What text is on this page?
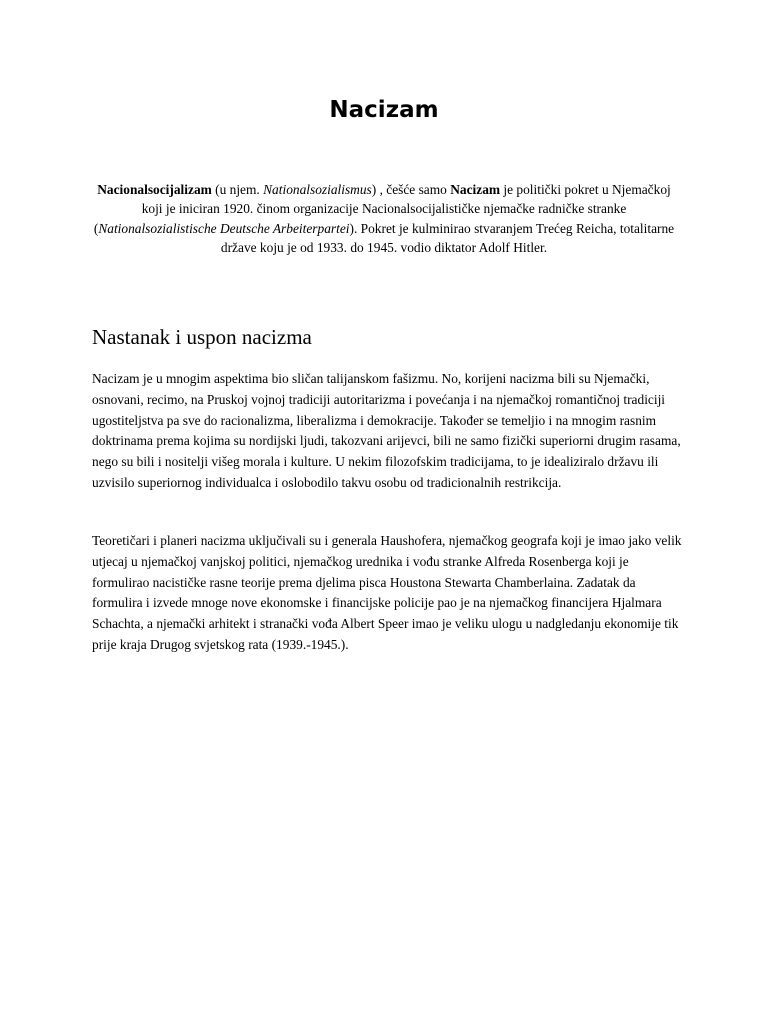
Nacizam

Nacionalsocijalizam (u njem. Nationalsozialismus) , češće samo Nacizam je politički pokret u Njemačkoj koji je iniciran 1920. činom organizacije Nacionalsocijalističke njemačke radničke stranke (Nationalsozialistische Deutsche Arbeiterpartei). Pokret je kulminirao stvaranjem Trećeg Reicha, totalitarne države koju je od 1933. do 1945. vodio diktator Adolf Hitler.

Nastanak i uspon nacizma

Nacizam je u mnogim aspektima bio sličan talijanskom fašizmu. No, korijeni nacizma bili su Njemački, osnovani, recimo, na Pruskoj vojnoj tradiciji autoritarizma i povećanja i na njemačkoj romantičnoj tradiciji ugostiteljstva pa sve do racionalizma, liberalizma i demokracije. Također se temeljio i na mnogim rasnim doktrinama prema kojima su nordijski ljudi, takozvani arijevci, bili ne samo fizički superiorni drugim rasama, nego su bili i nositelji višeg morala i kulture. U nekim filozofskim tradicijama, to je idealiziralo državu ili uzvisilo superiornog individualca i oslobodilo takvu osobu od tradicionalnih restrikcija.

Teoretičari i planeri nacizma uključivali su i generala Haushofera, njemačkog geografa koji je imao jako velik utjecaj u njemačkoj vanjskoj politici, njemačkog urednika i vođu stranke Alfreda Rosenberga koji je formulirao nacističke rasne teorije prema djelima pisca Houstona Stewarta Chamberlaina. Zadatak da formulira i izvede mnoge nove ekonomske i financijske policije pao je na njemačkog financijera Hjalmara Schachta, a njemački arhitekt i stranački vođa Albert Speer imao je veliku ulogu u nadgledanju ekonomije tik prije kraja Drugog svjetskog rata (1939.-1945.).
